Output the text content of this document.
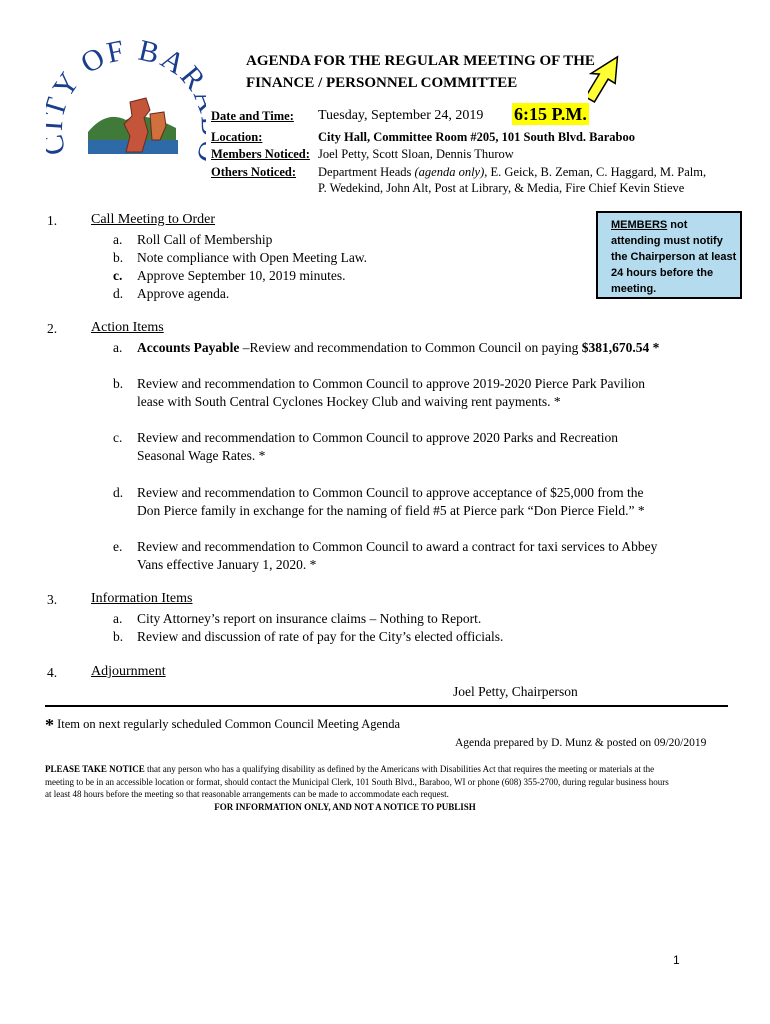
Y OF BA	AGENDA FOR THE REGULAR MEETING OF THE
FINANCE / PERSONNEL COMMITTEE
Date and Time: Tuesday, September 24, 2019 6:15 P.M.
Location:	City Hall, Committee Room #205, 101 South Blvd. Baraboo
Members Noticed: Joel Petty, Scott Sloan, Dennis Thurow
Others Noticed: Department Heads (agenda only), E. Geick, B. Zeman, C. Haggard, M. Palm,
P. Wedekind, John Alt, Post at Library, & Media, Fire Chief Kevin Stieve
MEMBERS not
attending must notify
the Chairperson at least
24 hours before the
meeting.
1. Call Meeting to Order
a. Roll Call of Membership
b. Note compliance with Open Meeting Law.
c. Approve September 10, 2019 minutes.
d. Approve agenda.
2. Action Items
a. Accounts Payable –Review and recommendation to Common Council on paying $381,670.54 *
b. Review and recommendation to Common Council to approve 2019-2020 Pierce Park Pavilion
lease with South Central Cyclones Hockey Club and waiving rent payments. *
c. Review and recommendation to Common Council to approve 2020 Parks and Recreation
Seasonal Wage Rates. *
d. Review and recommendation to Common Council to approve acceptance of $25,000 from the
Don Pierce family in exchange for the naming of field #5 at Pierce park “Don Pierce Field.” *
e. Review and recommendation to Common Council to award a contract for taxi services to Abbey
Vans effective January 1, 2020. *
3. Information Items
a. City Attorney’s report on insurance claims – Nothing to Report.
b. Review and discussion of rate of pay for the City’s elected officials.
4. Adjournment
Joel Petty, Chairperson
* Item on next regularly scheduled Common Council Meeting Agenda
Agenda prepared by D. Munz & posted on 09/20/2019
PLEASE TAKE NOTICE that any person who has a qualifying disability as defined by the Americans with Disabilities Act that requires the meeting or materials at the
meeting to be in an accessible location or format, should contact the Municipal Clerk, 101 South Blvd., Baraboo, WI or phone (608) 355-2700, during regular business hours
at least 48 hours before the meeting so that reasonable arrangements can be made to accommodate each request.
FOR INFORMATION ONLY, AND NOT A NOTICE TO PUBLISH
1
